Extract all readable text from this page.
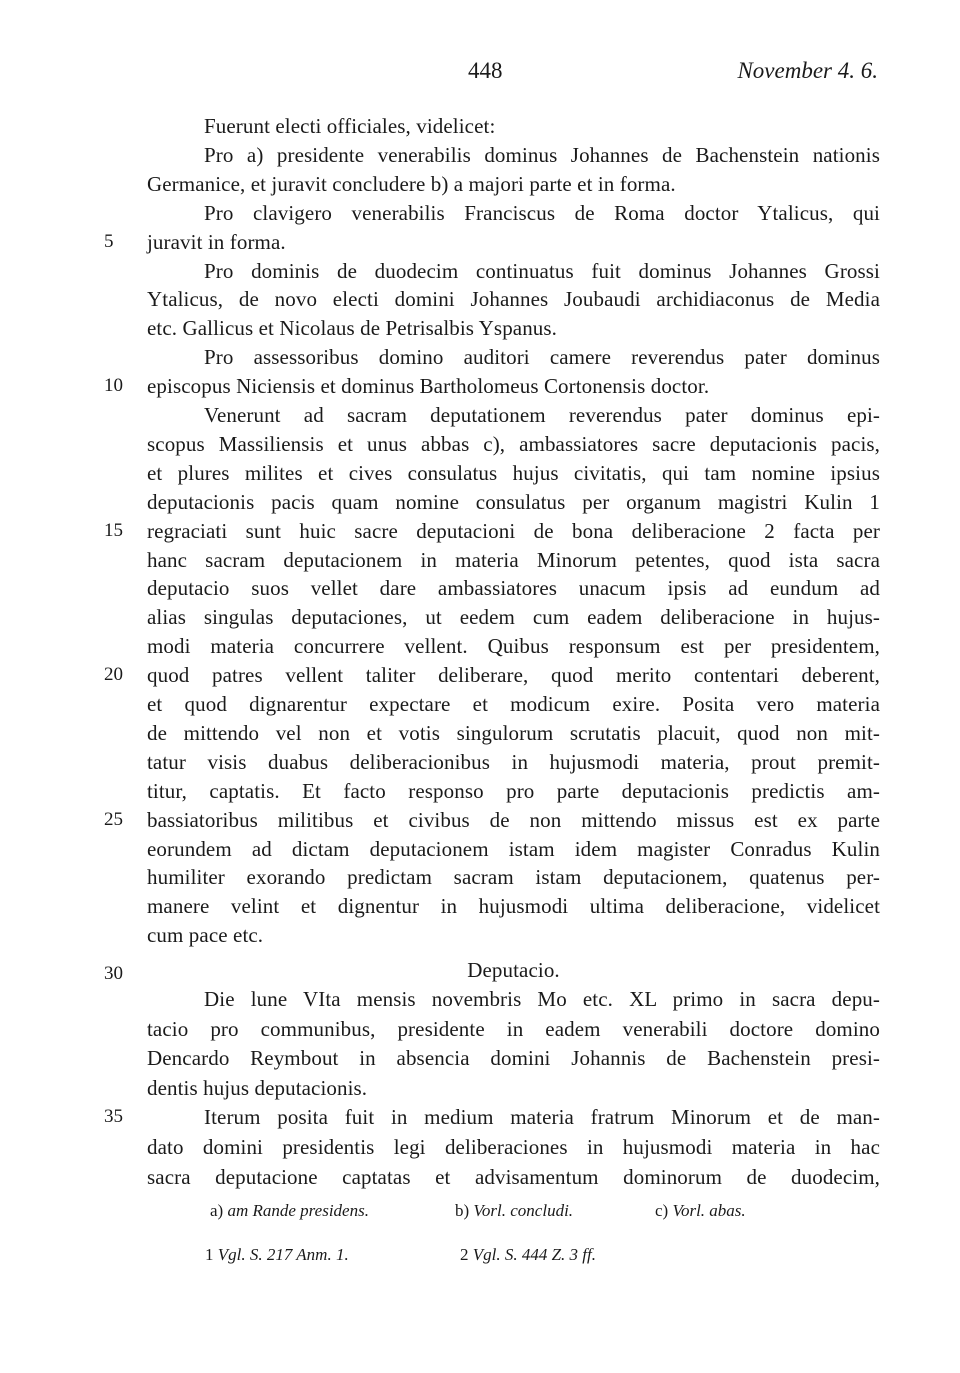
448	November 4. 6.
Fuerunt electi officiales, videlicet:
Pro a) presidente venerabilis dominus Johannes de Bachenstein nationis
Germanice, et juravit concludere b) a majori parte et in forma.
Pro clavigero venerabilis Franciscus de Roma doctor Ytalicus, qui
5	juravit in forma.
Pro dominis de duodecim continuatus fuit dominus Johannes Grossi
Ytalicus, de novo electi domini Johannes Joubaudi archidiaconus de Media
etc. Gallicus et Nicolaus de Petrisalbis Yspanus.
Pro assessoribus domino auditori camere reverendus pater dominus
10	episcopus Niciensis et dominus Bartholomeus Cortonensis doctor.
Venerunt ad sacram deputationem reverendus pater dominus epi-
scopus Massiliensis et unus abbas c), ambassiatores sacre deputacionis pacis,
et plures milites et cives consulatus hujus civitatis, qui tam nomine ipsius
deputacionis pacis quam nomine consulatus per organum magistri Kulin 1
15	regraciati sunt huic sacre deputacioni de bona deliberacione 2 facta per
hanc sacram deputacionem in materia Minorum petentes, quod ista sacra
deputacio suos vellet dare ambassiatores unacum ipsis ad eundum ad
alias singulas deputaciones, ut eedem cum eadem deliberacione in hujus-
modi materia concurrere vellent. Quibus responsum est per presidentem,
20	quod patres vellent taliter deliberare, quod merito contentari deberent,
et quod dignarentur expectare et modicum exire. Posita vero materia
de mittendo vel non et votis singulorum scrutatis placuit, quod non mit-
tatur visis duabus deliberacionibus in hujusmodi materia, prout premit-
titur, captatis. Et facto responso pro parte deputacionis predictis am-
25	bassiatoribus militibus et civibus de non mittendo missus est ex parte
eorundem ad dictam deputacionem istam idem magister Conradus Kulin
humiliter exorando predictam sacram istam deputacionem, quatenus per-
manere velint et dignentur in hujusmodi ultima deliberacione, videlicet
cum pace etc.
30	Deputacio.
Die lune VIta mensis novembris Mo etc. XL primo in sacra depu-
tacio pro communibus, presidente in eadem venerabili doctore domino
Dencardo Reymbout in absencia domini Johannis de Bachenstein presi-
dentis hujus deputacionis.
35	Iterum posita fuit in medium materia fratrum Minorum et de man-
dato domini presidentis legi deliberaciones in hujusmodi materia in hac
sacra deputacione captatas et advisamentum dominorum de duodecim,
a) am Rande presidens.	b) Vorl. concludi.	c) Vorl. abas.
1 Vgl. S. 217 Anm. 1.	2 Vgl. S. 444 Z. 3 ff.
